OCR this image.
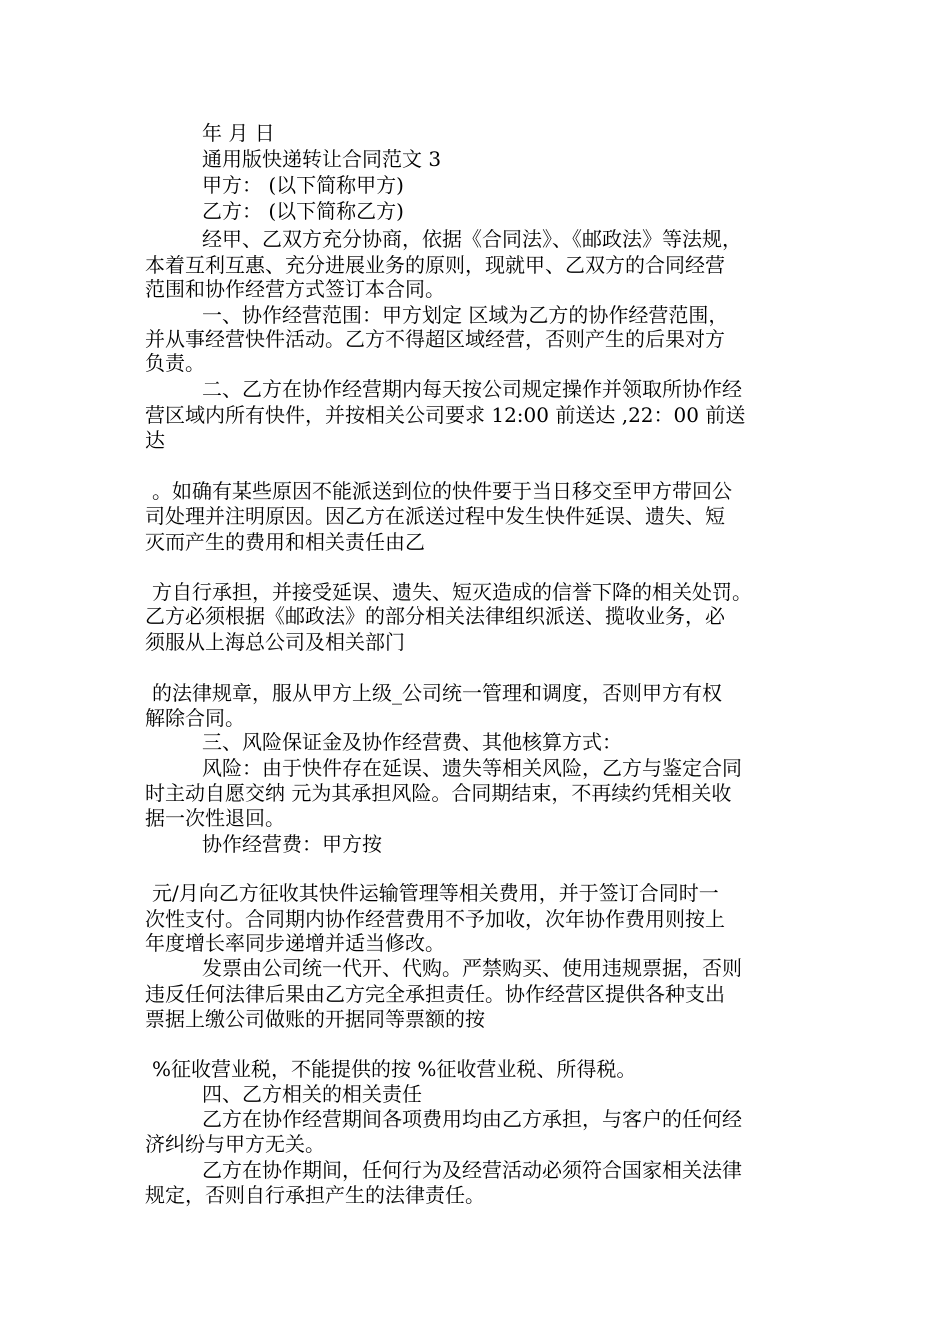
年 月 日
通用版快递转让合同范文 3
甲方： (以下简称甲方)
乙方： (以下简称乙方)
经甲、乙双方充分协商，依据《合同法》、《邮政法》等法规，
本着互利互惠、充分进展业务的原则，现就甲、乙双方的合同经营
范围和协作经营方式签订本合同。
一、协作经营范围：甲方划定 区域为乙方的协作经营范围，
并从事经营快件活动。乙方不得超区域经营，否则产生的后果对方
负责。
二、乙方在协作经营期内每天按公司规定操作并领取所协作经
营区域内所有快件，并按相关公司要求 12:00 前送达 ,22：00 前送
达
。如确有某些原因不能派送到位的快件要于当日移交至甲方带回公
司处理并注明原因。因乙方在派送过程中发生快件延误、遗失、短
灭而产生的费用和相关责任由乙
方自行承担，并接受延误、遗失、短灭造成的信誉下降的相关处罚。
乙方必须根据《邮政法》的部分相关法律组织派送、揽收业务，必
须服从上海总公司及相关部门
的法律规章，服从甲方上级_公司统一管理和调度，否则甲方有权
解除合同。
三、风险保证金及协作经营费、其他核算方式：
风险：由于快件存在延误、遗失等相关风险，乙方与鉴定合同
时主动自愿交纳 元为其承担风险。合同期结束，不再续约凭相关收
据一次性退回。
协作经营费：甲方按
元/月向乙方征收其快件运输管理等相关费用，并于签订合同时一
次性支付。合同期内协作经营费用不予加收，次年协作费用则按上
年度增长率同步递增并适当修改。
发票由公司统一代开、代购。严禁购买、使用违规票据，否则
违反任何法律后果由乙方完全承担责任。协作经营区提供各种支出
票据上缴公司做账的开据同等票额的按
%征收营业税，不能提供的按 %征收营业税、所得税。
四、乙方相关的相关责任
乙方在协作经营期间各项费用均由乙方承担，与客户的任何经
济纠纷与甲方无关。
乙方在协作期间，任何行为及经营活动必须符合国家相关法律
规定，否则自行承担产生的法律责任。
